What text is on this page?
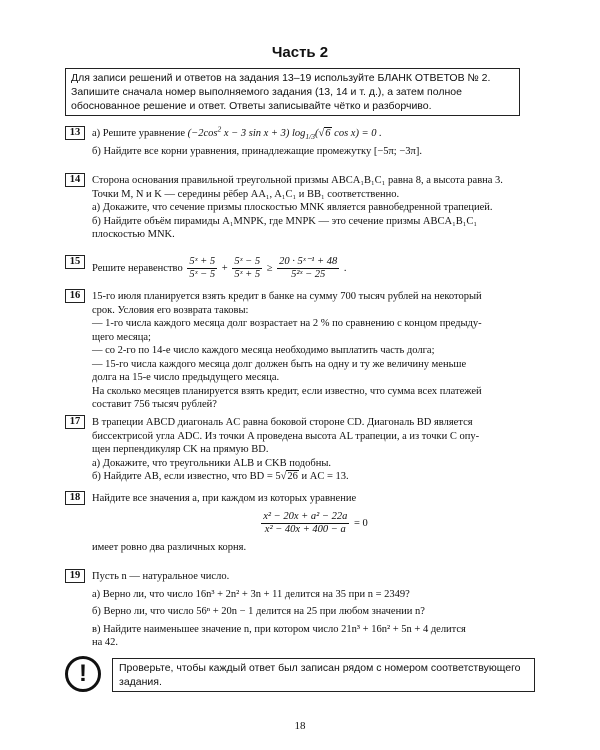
Часть 2
Для записи решений и ответов на задания 13–19 используйте БЛАНК ОТВЕТОВ № 2. Запишите сначала номер выполняемого задания (13, 14 и т. д.), а затем полное обоснованное решение и ответ. Ответы записывайте чётко и разборчиво.
13	а) Решите уравнение ($-2\cos^2$ x − 3 sin x + 3) $\log_{1/3}(√6$ cos x) = 0 .

б) Найдите все корни уравнения, принадлежащие промежутку [−5π; −3π].

14	Сторона основания правильной треугольной призмы ABCA₁B₁C₁ равна 8, а высота равна 3.

Точки M, N и K — середины рёбер AA₁, A₁C₁ и BB₁ соответственно.

а) Докажите, что сечение призмы плоскостью MNK является равнобедренной трапецией.

б) Найдите объём пирамиды A₁MNPK, где MNPK — это сечение призмы ABCA₁B₁C₁

плоскостью MNK.

15
Решите неравенство $\frac{\text{5ˣ + 5}}{\text{5ˣ − 5}} + \frac{\text{5ˣ − 5}}{\text{5ˣ + 5}} \ge \frac{\text{20 · 5ˣ⁻¹ + 48}}{\text{5²ˣ − 25}}$ .
16	15-го июля планируется взять кредит в банке на сумму 700 тысяч рублей на некоторый

срок. Условия его возврата таковы:

— 1-го числа каждого месяца долг возрастает на 2 % по сравнению с концом предыду-

щего месяца;

— со 2-го по 14-е число каждого месяца необходимо выплатить часть долга;

— 15-го числа каждого месяца долг должен быть на одну и ту же величину меньше

долга на 15-е число предыдущего месяца.

На сколько месяцев планируется взять кредит, если известно, что сумма всех платежей

составит 756 тысяч рублей?

17	В трапеции ABCD диагональ AC равна боковой стороне CD. Диагональ BD является

биссектрисой угла ADC. Из точки A проведена высота AL трапеции, а из точки C опу-

щен перпендикуляр CK на прямую BD.

а) Докажите, что треугольники ALB и CKB подобны.

б) Найдите AB, если известно, что BD = 5√26 и AC = 13.

18	Найдите все значения a, при каждом из которых уравнение

$\frac{\text{x² − 20x + a² − 22a}}{\text{x² − 40x + 400 − a}} = 0$

имеет ровно два различных корня.

19	Пусть n — натуральное число.

а) Верно ли, что число 16n³ + 2n² + 3n + 11 делится на 35 при n = 2349?

б) Верно ли, что число 56ⁿ + 20n − 1 делится на 25 при любом значении n?

в) Найдите наименьшее значение n, при котором число 21n³ + 16n² + 5n + 4 делится

на 42.

!	Проверьте, чтобы каждый ответ был записан рядом с номером соответствующего задания.
18
